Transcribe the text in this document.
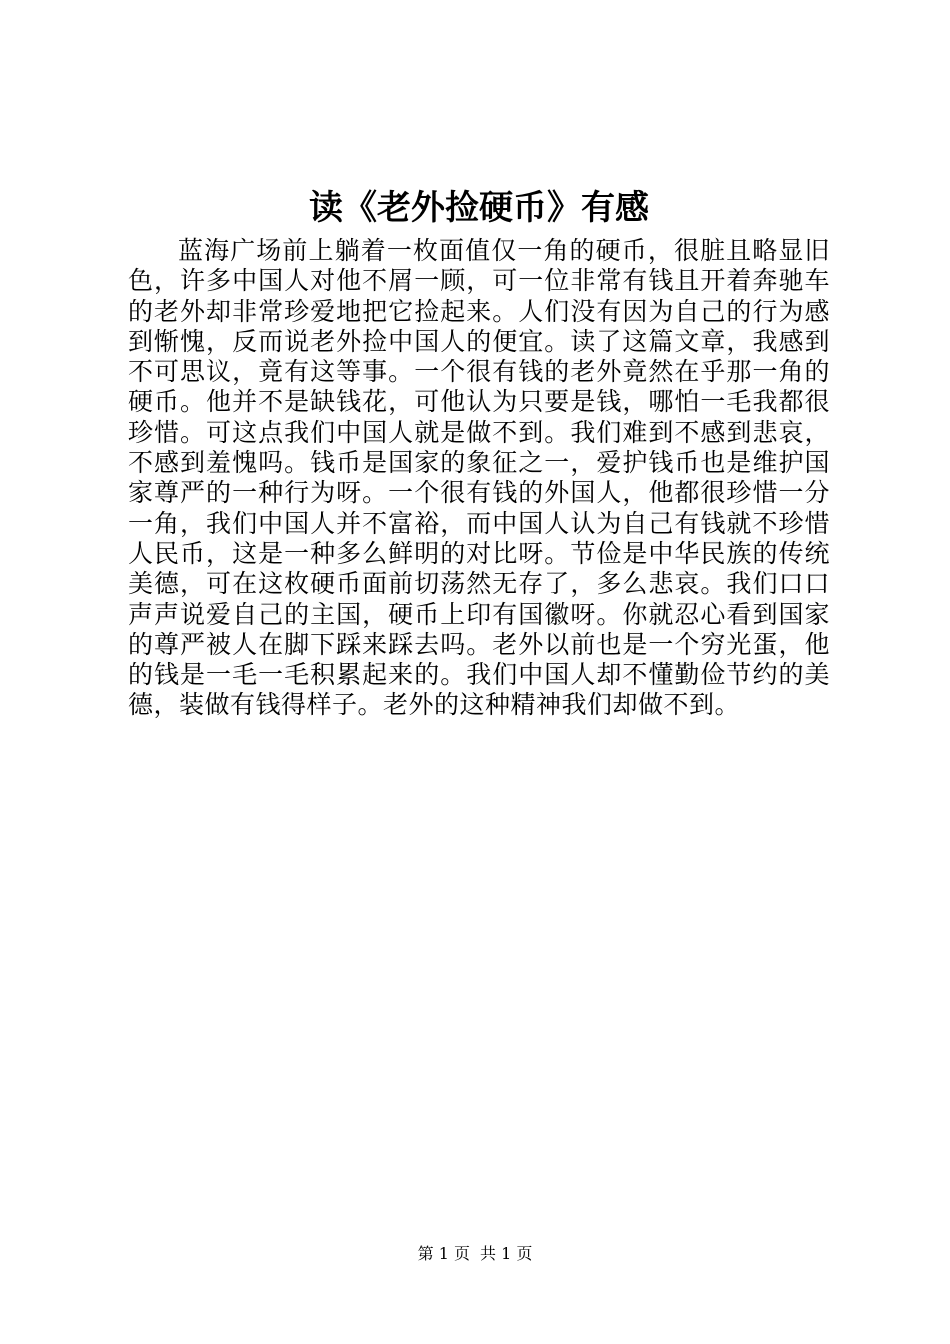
读《老外捡硬币》有感

蓝海广场前上躺着一枚面值仅一角的硬币，很脏且略显旧色，许多中国人对他不屑一顾，可一位非常有钱且开着奔驰车的老外却非常珍爱地把它捡起来。人们没有因为自己的行为感到惭愧，反而说老外捡中国人的便宜。读了这篇文章，我感到不可思议，竟有这等事。一个很有钱的老外竟然在乎那一角的硬币。他并不是缺钱花，可他认为只要是钱，哪怕一毛我都很珍惜。可这点我们中国人就是做不到。我们难到不感到悲哀，不感到羞愧吗。钱币是国家的象征之一，爱护钱币也是维护国家尊严的一种行为呀。一个很有钱的外国人，他都很珍惜一分一角，我们中国人并不富裕，而中国人认为自己有钱就不珍惜人民币，这是一种多么鲜明的对比呀。节俭是中华民族的传统美德，可在这枚硬币面前切荡然无存了，多么悲哀。我们口口声声说爱自己的主国，硬币上印有国徽呀。你就忍心看到国家的尊严被人在脚下踩来踩去吗。老外以前也是一个穷光蛋，他的钱是一毛一毛积累起来的。我们中国人却不懂勤俭节约的美德，装做有钱得样子。老外的这种精神我们却做不到。

第 1 页 共 1 页
